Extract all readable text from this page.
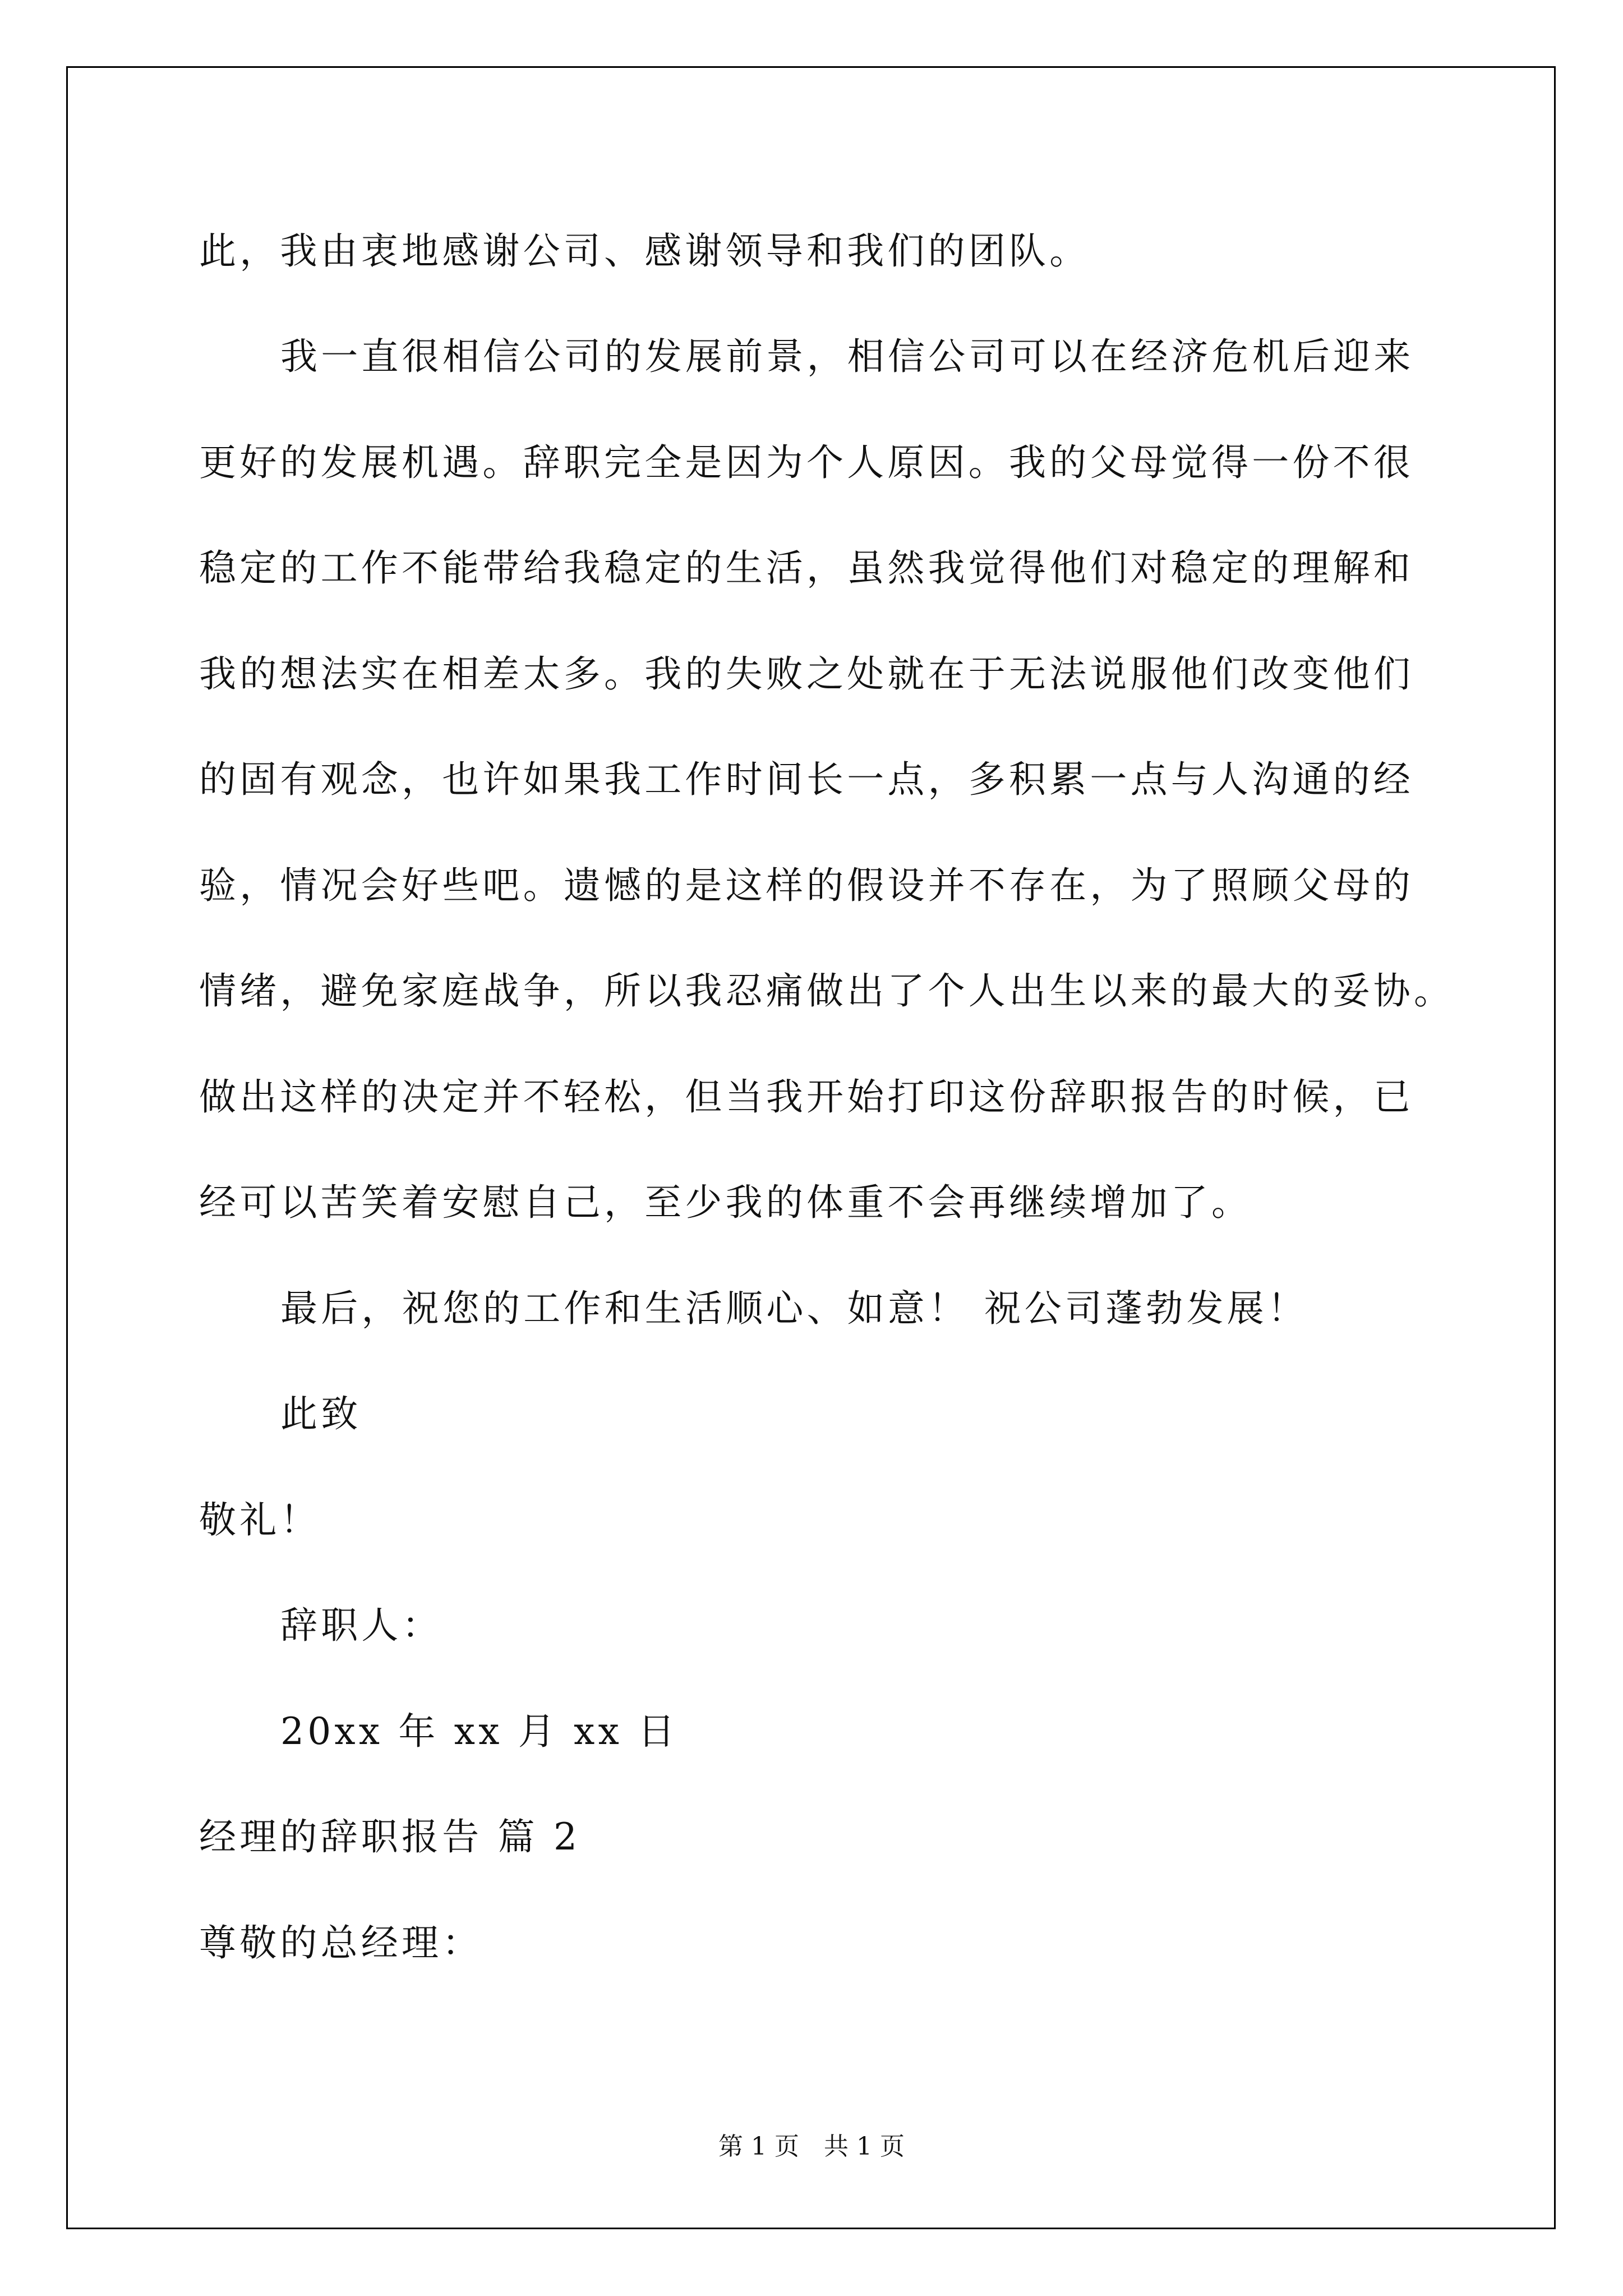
此，我由衷地感谢公司、感谢领导和我们的团队。
我一直很相信公司的发展前景，相信公司可以在经济危机后迎来
更好的发展机遇。辞职完全是因为个人原因。我的父母觉得一份不很
稳定的工作不能带给我稳定的生活，虽然我觉得他们对稳定的理解和
我的想法实在相差太多。我的失败之处就在于无法说服他们改变他们
的固有观念，也许如果我工作时间长一点，多积累一点与人沟通的经
验，情况会好些吧。遗憾的是这样的假设并不存在，为了照顾父母的
情绪，避免家庭战争，所以我忍痛做出了个人出生以来的最大的妥协。
做出这样的决定并不轻松，但当我开始打印这份辞职报告的时候，已
经可以苦笑着安慰自己，至少我的体重不会再继续增加了。
最后，祝您的工作和生活顺心、如意！ 祝公司蓬勃发展！
此致
敬礼！
辞职人：
20xx 年 xx 月 xx 日
经理的辞职报告 篇 2
尊敬的总经理：
第 1 页　共 1 页
